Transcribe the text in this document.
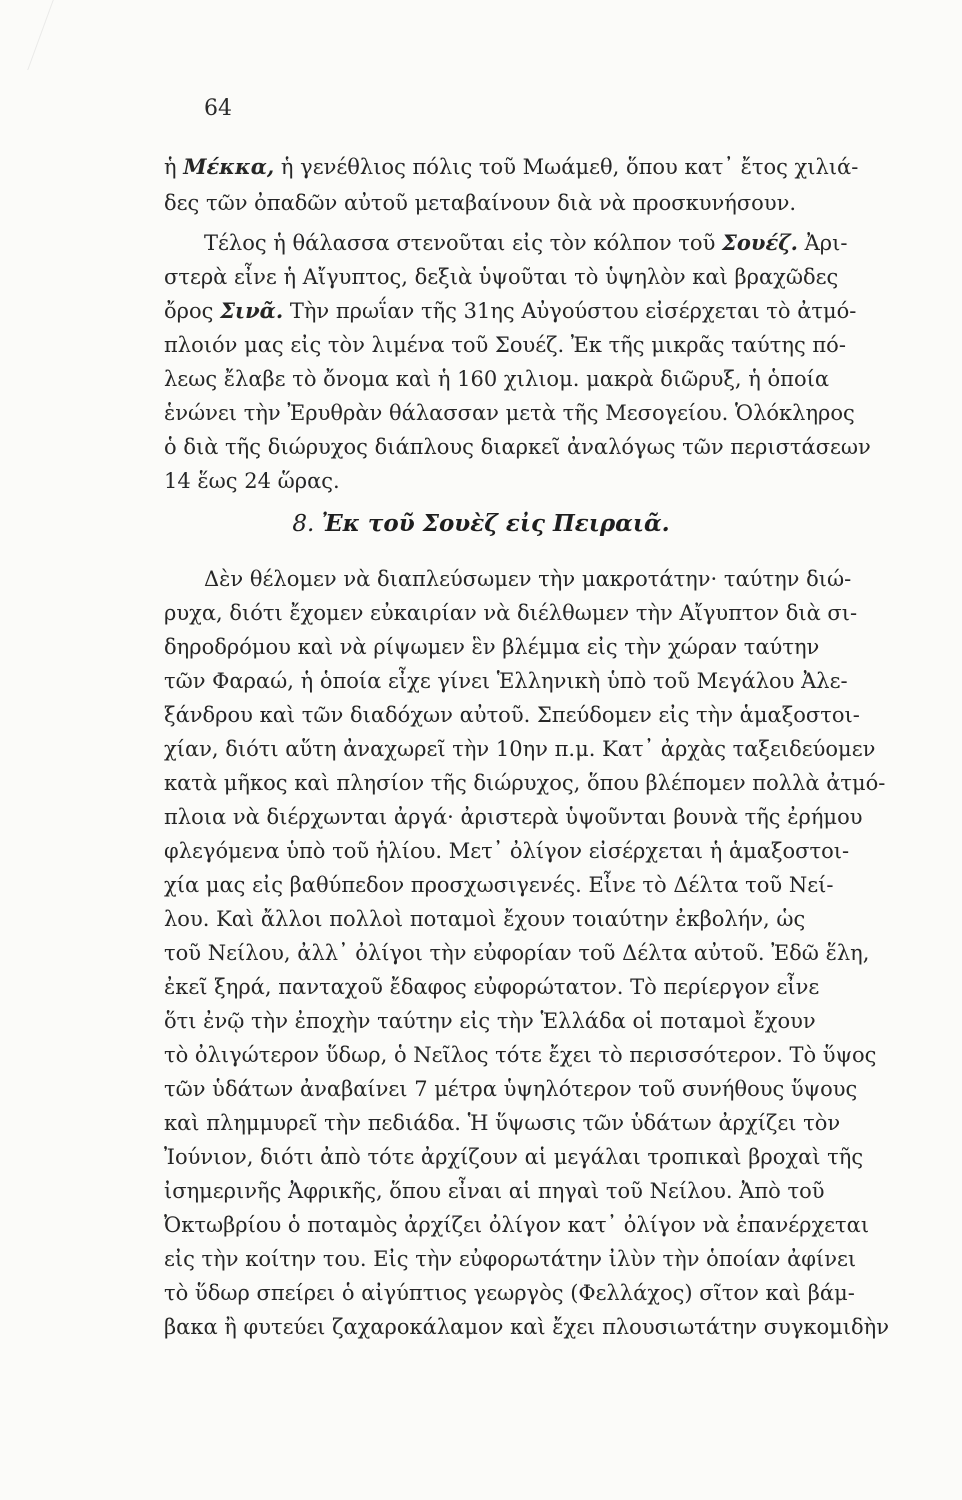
64
ἡ Μέκκα, ἡ γενέθλιος πόλις τοῦ Μωάμεθ, ὅπου κατ᾽ ἔτος χιλιά-
δες τῶν ὀπαδῶν αὐτοῦ μεταβαίνουν διὰ νὰ προσκυνήσουν.
Τέλος ἡ θάλασσα στενοῦται εἰς τὸν κόλπον τοῦ Σουέζ. Ἀρι-
στερὰ εἶνε ἡ Αἴγυπτος, δεξιὰ ὑψοῦται τὸ ὑψηλὸν καὶ βραχῶδες
ὄρος Σινᾶ. Τὴν πρωΐαν τῆς 31ης Αὐγούστου εἰσέρχεται τὸ ἀτμό-
πλοιόν μας εἰς τὸν λιμένα τοῦ Σουέζ. Ἐκ τῆς μικρᾶς ταύτης πό-
λεως ἔλαβε τὸ ὄνομα καὶ ἡ 160 χιλιομ. μακρὰ διῶρυξ, ἡ ὁποία
ἑνώνει τὴν Ἐρυθρὰν θάλασσαν μετὰ τῆς Μεσογείου. Ὁλόκληρος
ὁ διὰ τῆς διώρυχος διάπλους διαρκεῖ ἀναλόγως τῶν περιστάσεων
14 ἕως 24 ὥρας.
8. Ἐκ τοῦ Σουὲζ εἰς Πειραιᾶ.
Δὲν θέλομεν νὰ διαπλεύσωμεν τὴν μακροτάτην· ταύτην διώ-
ρυχα, διότι ἔχομεν εὐκαιρίαν νὰ διέλθωμεν τὴν Αἴγυπτον διὰ σι-
δηροδρόμου καὶ νὰ ρίψωμεν ἓν βλέμμα εἰς τὴν χώραν ταύτην
τῶν Φαραώ, ἡ ὁποία εἶχε γίνει Ἑλληνικὴ ὑπὸ τοῦ Μεγάλου Ἀλε-
ξάνδρου καὶ τῶν διαδόχων αὐτοῦ. Σπεύδομεν εἰς τὴν ἁμαξοστοι-
χίαν, διότι αὕτη ἀναχωρεῖ τὴν 10ην π.μ. Κατ᾽ ἀρχὰς ταξειδεύομεν
κατὰ μῆκος καὶ πλησίον τῆς διώρυχος, ὅπου βλέπομεν πολλὰ ἀτμό-
πλοια νὰ διέρχωνται ἀργά· ἀριστερὰ ὑψοῦνται βουνὰ τῆς ἐρήμου
φλεγόμενα ὑπὸ τοῦ ἡλίου. Μετ᾽ ὀλίγον εἰσέρχεται ἡ ἁμαξοστοι-
χία μας εἰς βαθύπεδον προσχωσιγενές. Εἶνε τὸ Δέλτα τοῦ Νεί-
λου. Καὶ ἄλλοι πολλοὶ ποταμοὶ ἔχουν τοιαύτην ἐκβολήν, ὡς
τοῦ Νείλου, ἀλλ᾽ ὀλίγοι τὴν εὐφορίαν τοῦ Δέλτα αὐτοῦ. Ἐδῶ ἕλη,
ἐκεῖ ξηρά, πανταχοῦ ἔδαφος εὐφορώτατον. Τὸ περίεργον εἶνε
ὅτι ἐνῷ τὴν ἐποχὴν ταύτην εἰς τὴν Ἑλλάδα οἱ ποταμοὶ ἔχουν
τὸ ὀλιγώτερον ὕδωρ, ὁ Νεῖλος τότε ἔχει τὸ περισσότερον. Τὸ ὕψος
τῶν ὑδάτων ἀναβαίνει 7 μέτρα ὑψηλότερον τοῦ συνήθους ὕψους
καὶ πλημμυρεῖ τὴν πεδιάδα. Ἡ ὕψωσις τῶν ὑδάτων ἀρχίζει τὸν
Ἰούνιον, διότι ἀπὸ τότε ἀρχίζουν αἱ μεγάλαι τροπικαὶ βροχαὶ τῆς
ἰσημερινῆς Ἀφρικῆς, ὅπου εἶναι αἱ πηγαὶ τοῦ Νείλου. Ἀπὸ τοῦ
Ὀκτωβρίου ὁ ποταμὸς ἀρχίζει ὀλίγον κατ᾽ ὀλίγον νὰ ἐπανέρχεται
εἰς τὴν κοίτην του. Εἰς τὴν εὐφορωτάτην ἰλὺν τὴν ὁποίαν ἀφίνει
τὸ ὕδωρ σπείρει ὁ αἰγύπτιος γεωργὸς (Φελλάχος) σῖτον καὶ βάμ-
βακα ἢ φυτεύει ζαχαροκάλαμον καὶ ἔχει πλουσιωτάτην συγκομιδὴν
